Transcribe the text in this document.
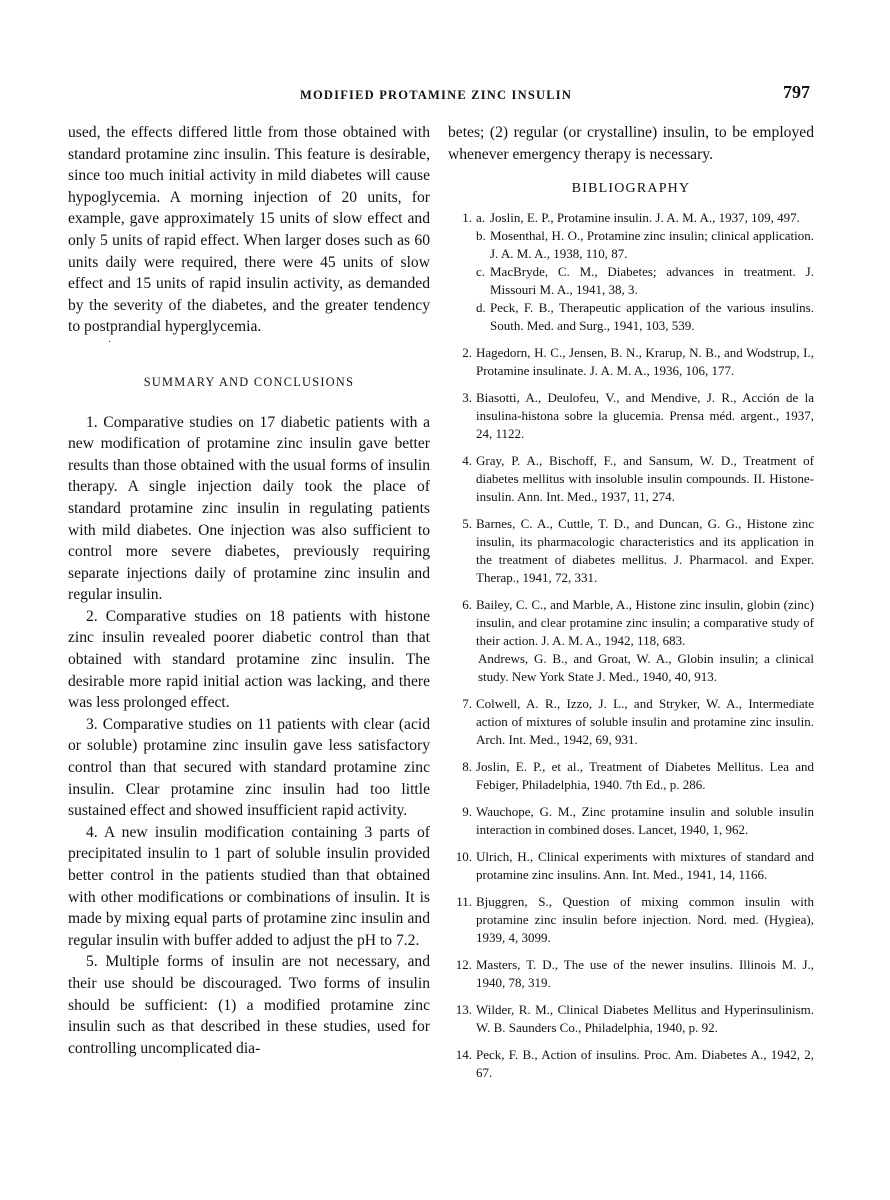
MODIFIED PROTAMINE ZINC INSULIN	797

used, the effects differed little from those obtained with standard protamine zinc insulin. This feature is desirable, since too much initial activity in mild diabetes will cause hypoglycemia. A morning injection of 20 units, for example, gave approximately 15 units of slow effect and only 5 units of rapid effect. When larger doses such as 60 units daily were required, there were 45 units of slow effect and 15 units of rapid insulin activity, as demanded by the severity of the diabetes, and the greater tendency to postprandial hyperglycemia.

·
SUMMARY AND CONCLUSIONS

1. Comparative studies on 17 diabetic patients with a new modification of protamine zinc insulin gave better results than those obtained with the usual forms of insulin therapy. A single injection daily took the place of standard protamine zinc insulin in regulating patients with mild diabetes. One injection was also sufficient to control more severe diabetes, previously requiring separate injections daily of protamine zinc insulin and regular insulin.

2. Comparative studies on 18 patients with histone zinc insulin revealed poorer diabetic control than that obtained with standard protamine zinc insulin. The desirable more rapid initial action was lacking, and there was less prolonged effect.

3. Comparative studies on 11 patients with clear (acid or soluble) protamine zinc insulin gave less satisfactory control than that secured with standard protamine zinc insulin. Clear protamine zinc insulin had too little sustained effect and showed insufficient rapid activity.

4. A new insulin modification containing 3 parts of precipitated insulin to 1 part of soluble insulin provided better control in the patients studied than that obtained with other modifications or combinations of insulin. It is made by mixing equal parts of protamine zinc insulin and regular insulin with buffer added to adjust the pH to 7.2.

5. Multiple forms of insulin are not necessary, and their use should be discouraged. Two forms of insulin should be sufficient: (1) a modified protamine zinc insulin such as that described in these studies, used for controlling uncomplicated dia-

betes; (2) regular (or crystalline) insulin, to be employed whenever emergency therapy is necessary.

BIBLIOGRAPHY
1. a. Joslin, E. P., Protamine insulin. J. A. M. A., 1937, 109, 497.
b. Mosenthal, H. O., Protamine zinc insulin; clinical application. J. A. M. A., 1938, 110, 87.
c. MacBryde, C. M., Diabetes; advances in treatment. J. Missouri M. A., 1941, 38, 3.
d. Peck, F. B., Therapeutic application of the various insulins. South. Med. and Surg., 1941, 103, 539.
2. Hagedorn, H. C., Jensen, B. N., Krarup, N. B., and Wodstrup, I., Protamine insulinate. J. A. M. A., 1936, 106, 177.
3. Biasotti, A., Deulofeu, V., and Mendive, J. R., Acción de la insulina-histona sobre la glucemia. Prensa méd. argent., 1937, 24, 1122.
4. Gray, P. A., Bischoff, F., and Sansum, W. D., Treatment of diabetes mellitus with insoluble insulin compounds. II. Histone-insulin. Ann. Int. Med., 1937, 11, 274.
5. Barnes, C. A., Cuttle, T. D., and Duncan, G. G., Histone zinc insulin, its pharmacologic characteristics and its application in the treatment of diabetes mellitus. J. Pharmacol. and Exper. Therap., 1941, 72, 331.
6. Bailey, C. C., and Marble, A., Histone zinc insulin, globin (zinc) insulin, and clear protamine zinc insulin; a comparative study of their action. J. A. M. A., 1942, 118, 683.
Andrews, G. B., and Groat, W. A., Globin insulin; a clinical study. New York State J. Med., 1940, 40, 913.
7. Colwell, A. R., Izzo, J. L., and Stryker, W. A., Intermediate action of mixtures of soluble insulin and protamine zinc insulin. Arch. Int. Med., 1942, 69, 931.
8. Joslin, E. P., et al., Treatment of Diabetes Mellitus. Lea and Febiger, Philadelphia, 1940. 7th Ed., p. 286.
9. Wauchope, G. M., Zinc protamine insulin and soluble insulin interaction in combined doses. Lancet, 1940, 1, 962.
10. Ulrich, H., Clinical experiments with mixtures of standard and protamine zinc insulins. Ann. Int. Med., 1941, 14, 1166.
11. Bjuggren, S., Question of mixing common insulin with protamine zinc insulin before injection. Nord. med. (Hygiea), 1939, 4, 3099.
12. Masters, T. D., The use of the newer insulins. Illinois M. J., 1940, 78, 319.
13. Wilder, R. M., Clinical Diabetes Mellitus and Hyperinsulinism. W. B. Saunders Co., Philadelphia, 1940, p. 92.
14. Peck, F. B., Action of insulins. Proc. Am. Diabetes A., 1942, 2, 67.
